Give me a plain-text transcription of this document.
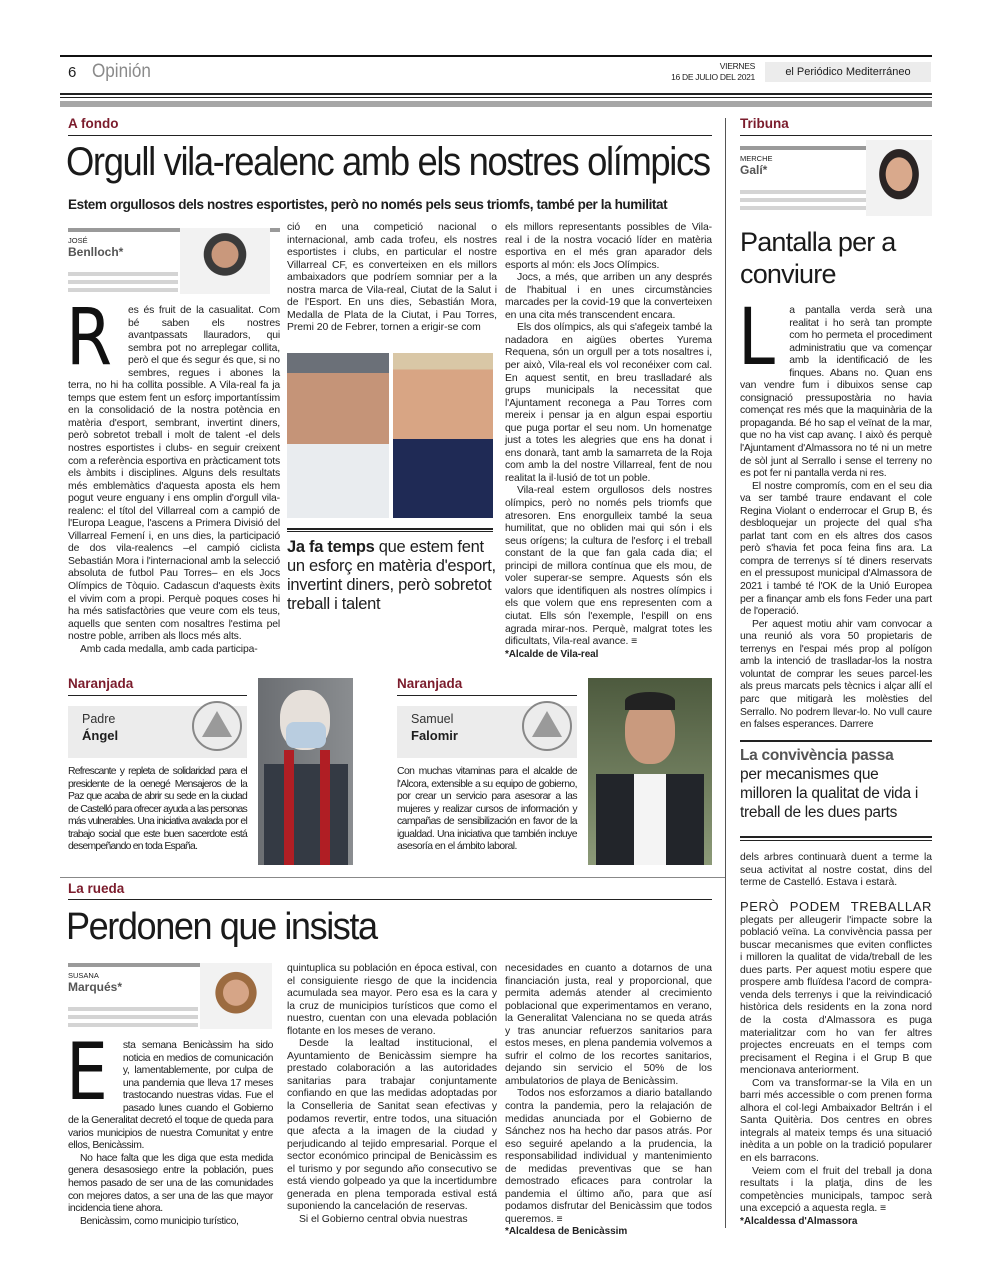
6 Opinión	VIERNES
16 DE JULIO DEL 2021	el Periódico Mediterráneo
A fondo
Orgull vila-realenc amb els nostres olímpics
Estem orgullosos dels nostres esportistes, però no només pels seus triomfs, també per la humilitat
JOSÉ
Benlloch*

R es és fruit de la casualitat. Com bé saben els nostres avantpassats llauradors, qui sembra pot no arreplegar collita, però el que és segur és que, si no sembres, regues i abones la terra, no hi ha collita possible. A Vila-real fa ja temps que estem fent un esforç importantíssim en la consolidació de la nostra potència en matèria d'esport, sembrant, invertint diners, però sobretot treball i molt de talent -el dels nostres esportistes i clubs- en seguir creixent com a referència esportiva en pràcticament tots els àmbits i disciplines. Alguns dels resultats més emblemàtics d'aquesta aposta els hem pogut veure enguany i ens omplin d'orgull vila-realenc: el títol del Villarreal com a campió de l'Europa League, l'ascens a Primera Divisió del Villarreal Femení i, en uns dies, la participació de dos vila-realencs –el campió ciclista Sebastián Mora i l'internacional amb la selecció absoluta de futbol Pau Torres– en els Jocs Olímpics de Tòquio. Cadascun d'aquests èxits el vivim com a propi. Perquè poques coses hi ha més satisfactòries que veure com els teus, aquells que senten com nosaltres l'estima pel nostre poble, arriben als llocs més alts.

Amb cada medalla, amb cada participa-

ció en una competició nacional o internacional, amb cada trofeu, els nostres esportistes i clubs, en particular el nostre Villarreal CF, es converteixen en els millors ambaixadors que podríem somniar per a la nostra marca de Vila-real, Ciutat de la Salut i de l'Esport. En uns dies, Sebastián Mora, Medalla de Plata de la Ciutat, i Pau Torres, Premi 20 de Febrer, tornen a erigir-se com

Ja fa temps que estem fent un esforç en matèria d'esport, invertint diners, però sobretot treball i talent

els millors representants possibles de Vila-real i de la nostra vocació líder en matèria esportiva en el més gran aparador dels esports al món: els Jocs Olímpics.

Jocs, a més, que arriben un any després de l'habitual i en unes circumstàncies marcades per la covid-19 que la converteixen en una cita més transcendent encara.

Els dos olímpics, als qui s'afegeix també la nadadora en aigües obertes Yurema Requena, són un orgull per a tots nosaltres i, per això, Vila-real els vol reconéixer com cal. En aquest sentit, en breu traslladaré als grups municipals la necessitat que l'Ajuntament reconega a Pau Torres com mereix i pensar ja en algun espai esportiu que puga portar el seu nom. Un homenatge just a totes les alegries que ens ha donat i ens donarà, tant amb la samarreta de la Roja com amb la del nostre Villarreal, fent de nou realitat la il·lusió de tot un poble.

Vila-real estem orgullosos dels nostres olímpics, però no només pels triomfs que atresoren. Ens enorgulleix també la seua humilitat, que no obliden mai qui són i els seus orígens; la cultura de l'esforç i el treball constant de la que fan gala cada dia; el principi de millora contínua que els mou, de voler superar-se sempre. Aquests són els valors que identifiquen als nostres olímpics i els que volem que ens representen com a ciutat. Ells són l'exemple, l'espill on ens agrada mirar-nos. Perquè, malgrat totes les dificultats, Vila-real avance. ≡

*Alcalde de Vila-real
Naranjada
Padre
Ángel
Refrescante y repleta de solidaridad para el presidente de la oenegé Mensajeros de la Paz que acaba de abrir su sede en la ciudad de Castelló para ofrecer ayuda a las personas más vulnerables. Una iniciativa avalada por el trabajo social que este buen sacerdote está desempeñando en toda España.
Naranjada
Samuel
Falomir
Con muchas vitaminas para el alcalde de l'Alcora, extensible a su equipo de gobierno, por crear un servicio para asesorar a las mujeres y realizar cursos de información y campañas de sensibilización en favor de la igualdad. Una iniciativa que también incluye asesoría en el ámbito laboral.
La rueda
Perdonen que insista
SUSANA
Marqués*

E sta semana Benicàssim ha sido noticia en medios de comunicación y, lamentablemente, por culpa de una pandemia que lleva 17 meses trastocando nuestras vidas. Fue el pasado lunes cuando el Gobierno de la Generalitat decretó el toque de queda para varios municipios de nuestra Comunitat y entre ellos, Benicàssim.

No hace falta que les diga que esta medida genera desasosiego entre la población, pues hemos pasado de ser una de las comunidades con mejores datos, a ser una de las que mayor incidencia tiene ahora.

Benicàssim, como municipio turístico,

quintuplica su población en época estival, con el consiguiente riesgo de que la incidencia acumulada sea mayor. Pero esa es la cara y la cruz de municipios turísticos que como el nuestro, cuentan con una elevada población flotante en los meses de verano.

Desde la lealtad institucional, el Ayuntamiento de Benicàssim siempre ha prestado colaboración a las autoridades sanitarias para trabajar conjuntamente confiando en que las medidas adoptadas por la Conselleria de Sanitat sean efectivas y podamos revertir, entre todos, una situación que afecta a la imagen de la ciudad y perjudicando al tejido empresarial. Porque el sector económico principal de Benicàssim es el turismo y por segundo año consecutivo se está viendo golpeado ya que la incertidumbre generada en plena temporada estival está suponiendo la cancelación de reservas.

Si el Gobierno central obvia nuestras

necesidades en cuanto a dotarnos de una financiación justa, real y proporcional, que permita además atender al crecimiento poblacional que experimentamos en verano, la Generalitat Valenciana no se queda atrás y tras anunciar refuerzos sanitarios para estos meses, en plena pandemia volvemos a sufrir el colmo de los recortes sanitarios, dejando sin servicio el 50% de los ambulatorios de playa de Benicàssim.

Todos nos esforzamos a diario batallando contra la pandemia, pero la relajación de medidas anunciada por el Gobierno de Sánchez nos ha hecho dar pasos atrás. Por eso seguiré apelando a la prudencia, la responsabilidad individual y mantenimiento de medidas preventivas que se han demostrado eficaces para controlar la pandemia el último año, para que así podamos disfrutar del Benicàssim que todos queremos. ≡

*Alcaldesa de Benicàssim
Tribuna
MERCHE
Galí*
Pantalla per a conviure

L a pantalla verda serà una realitat i ho serà tan prompte com ho permeta el procediment administratiu que va començar amb la identificació de les finques. Abans no. Quan ens van vendre fum i dibuixos sense cap consignació pressupostària no havia començat res més que la maquinària de la propaganda. Bé ho sap el veïnat de la mar, que no ha vist cap avanç. I això és perquè l'Ajuntament d'Almassora no té ni un metre de sòl junt al Serrallo i sense el terreny no es pot fer ni pantalla verda ni res.

El nostre compromís, com en el seu dia va ser també traure endavant el cole Regina Violant o enderrocar el Grup B, és desbloquejar un projecte del qual s'ha parlat tant com en els altres dos casos però s'havia fet poca feina fins ara. La compra de terrenys sí té diners reservats en el pressupost municipal d'Almassora de 2021 i també té l'OK de la Unió Europea per a finançar amb els fons Feder una part de l'operació.

Per aquest motiu ahir vam convocar a una reunió als vora 50 propietaris de terrenys en l'espai més prop al polígon amb la intenció de traslladar-los la nostra voluntat de comprar les seues parcel·les als preus marcats pels tècnics i alçar allí el parc que mitigarà les molèsties del Serrallo. No podrem llevar-lo. No vull caure en falses esperances. Darrere

La convivència passa
per mecanismes que milloren la qualitat de vida i treball de les dues parts

dels arbres continuarà duent a terme la seua activitat al nostre costat, dins del terme de Castelló. Estava i estarà.

PERÒ PODEM TREBALLAR

plegats per alleugerir l'impacte sobre la població veïna. La convivència passa per buscar mecanismes que eviten conflictes i milloren la qualitat de vida/treball de les dues parts. Per aquest motiu espere que prospere amb fluïdesa l'acord de compra-venda dels terrenys i que la reivindicació històrica dels residents en la zona nord de la costa d'Almassora es puga materialitzar com ho van fer altres projectes encreuats en el temps com precisament el Regina i el Grup B que mencionava anteriorment.

Com va transformar-se la Vila en un barri més accessible o com prenen forma alhora el col·legi Ambaixador Beltrán i el Santa Quitèria. Dos centres en obres integrals al mateix temps és una situació inèdita a un poble on la tradició popularer en els barracons.

Veiem com el fruit del treball ja dona resultats i la platja, dins de les competències municipals, tampoc serà una excepció a aquesta regla. ≡

*Alcaldessa d'Almassora
